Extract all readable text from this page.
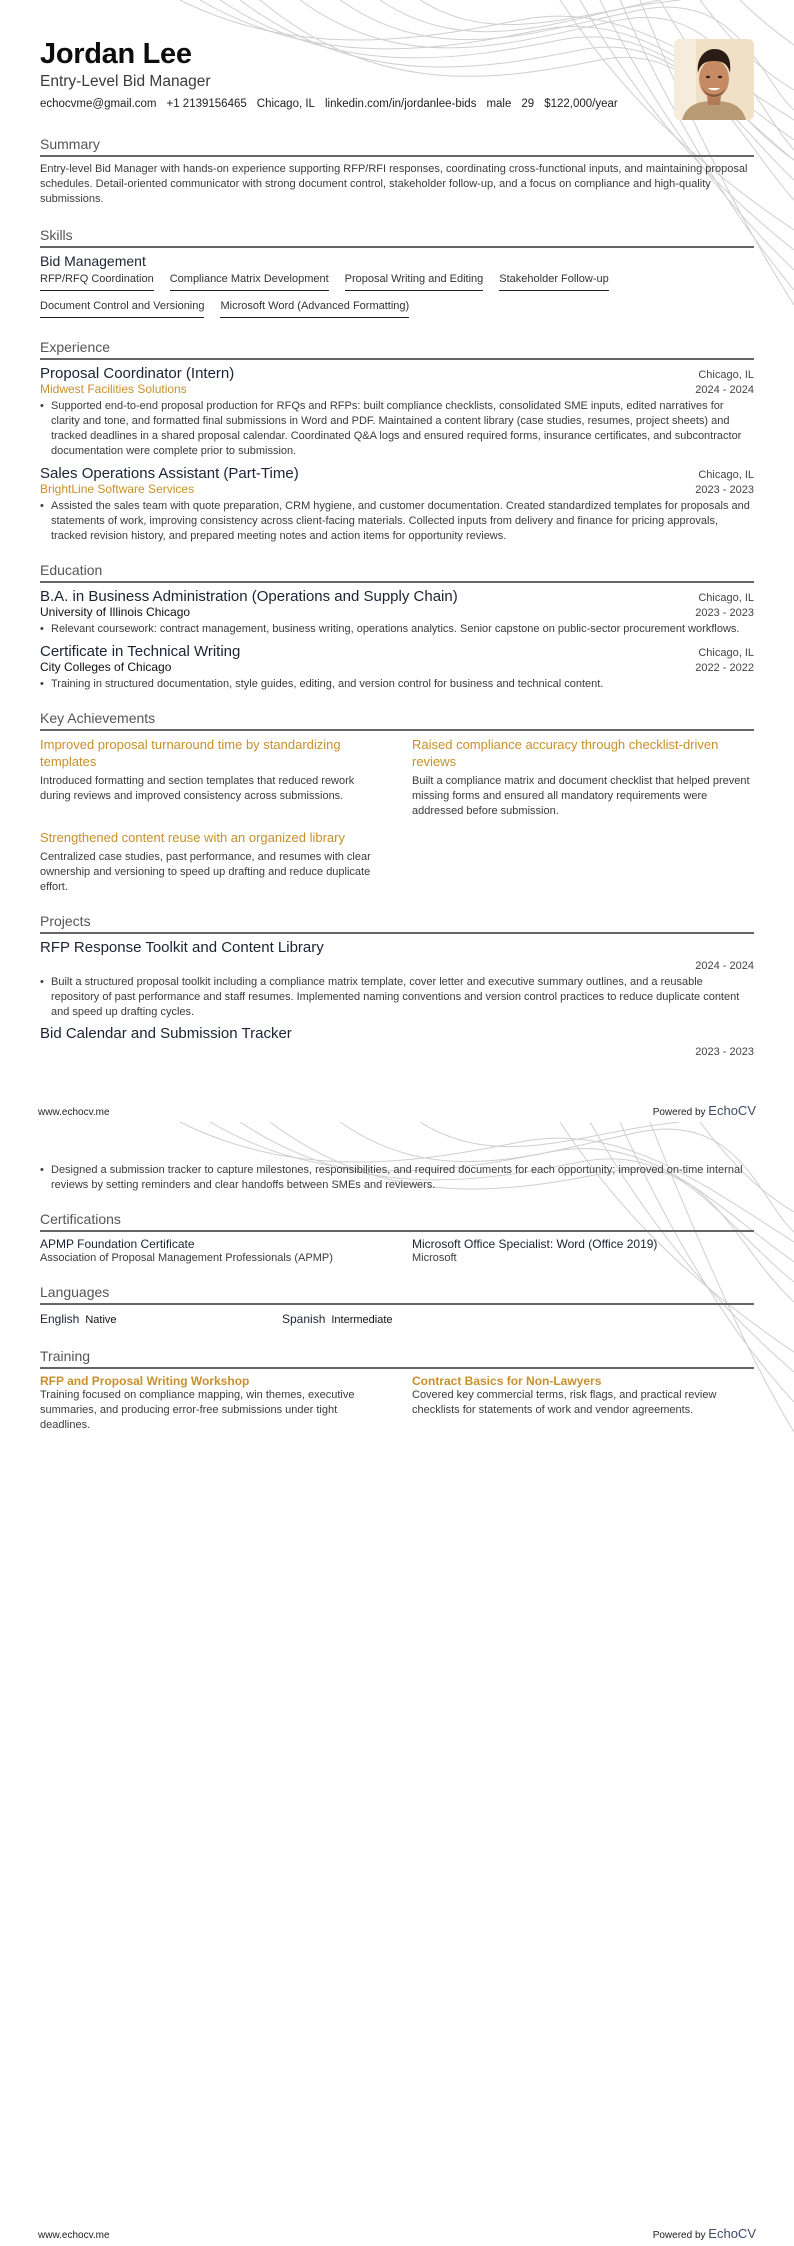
Jordan Lee
Entry-Level Bid Manager
echocvme@gmail.com +1 2139156465 Chicago, IL linkedin.com/in/jordanlee-bids male 29 $122,000/year
Summary
Entry-level Bid Manager with hands-on experience supporting RFP/RFI responses, coordinating cross-functional inputs, and maintaining proposal schedules. Detail-oriented communicator with strong document control, stakeholder follow-up, and a focus on compliance and high-quality submissions.
Skills
Bid Management
RFP/RFQ Coordination Compliance Matrix Development Proposal Writing and Editing Stakeholder Follow-up
Document Control and Versioning Microsoft Word (Advanced Formatting)
Experience
Proposal Coordinator (Intern)	Chicago, IL
Midwest Facilities Solutions	2024 - 2024
• Supported end-to-end proposal production for RFQs and RFPs: built compliance checklists, consolidated SME inputs, edited narratives for clarity and tone, and formatted final submissions in Word and PDF. Maintained a content library (case studies, resumes, project sheets) and tracked deadlines in a shared proposal calendar. Coordinated Q&A logs and ensured required forms, insurance certificates, and subcontractor documentation were complete prior to submission.
Sales Operations Assistant (Part-Time)	Chicago, IL
BrightLine Software Services	2023 - 2023
• Assisted the sales team with quote preparation, CRM hygiene, and customer documentation. Created standardized templates for proposals and statements of work, improving consistency across client-facing materials. Collected inputs from delivery and finance for pricing approvals, tracked revision history, and prepared meeting notes and action items for opportunity reviews.
Education
B.A. in Business Administration (Operations and Supply Chain)	Chicago, IL
University of Illinois Chicago	2023 - 2023
• Relevant coursework: contract management, business writing, operations analytics. Senior capstone on public-sector procurement workflows.
Certificate in Technical Writing	Chicago, IL
City Colleges of Chicago	2022 - 2022
• Training in structured documentation, style guides, editing, and version control for business and technical content.
Key Achievements
Improved proposal turnaround time by standardizing templates
Introduced formatting and section templates that reduced rework during reviews and improved consistency across submissions.
Raised compliance accuracy through checklist-driven reviews
Built a compliance matrix and document checklist that helped prevent missing forms and ensured all mandatory requirements were addressed before submission.
Strengthened content reuse with an organized library
Centralized case studies, past performance, and resumes with clear ownership and versioning to speed up drafting and reduce duplicate effort.
Projects
RFP Response Toolkit and Content Library
2024 - 2024
• Built a structured proposal toolkit including a compliance matrix template, cover letter and executive summary outlines, and a reusable repository of past performance and staff resumes. Implemented naming conventions and version control practices to reduce duplicate content and speed up drafting cycles.
Bid Calendar and Submission Tracker
2023 - 2023
www.echocv.me	Powered by EchoCV
• Designed a submission tracker to capture milestones, responsibilities, and required documents for each opportunity; improved on-time internal reviews by setting reminders and clear handoffs between SMEs and reviewers.
Certifications
APMP Foundation Certificate
Association of Proposal Management Professionals (APMP)
Microsoft Office Specialist: Word (Office 2019)
Microsoft
Languages
English Native	Spanish Intermediate
Training
RFP and Proposal Writing Workshop
Training focused on compliance mapping, win themes, executive summaries, and producing error-free submissions under tight deadlines.
Contract Basics for Non-Lawyers
Covered key commercial terms, risk flags, and practical review checklists for statements of work and vendor agreements.
www.echocv.me	Powered by EchoCV
